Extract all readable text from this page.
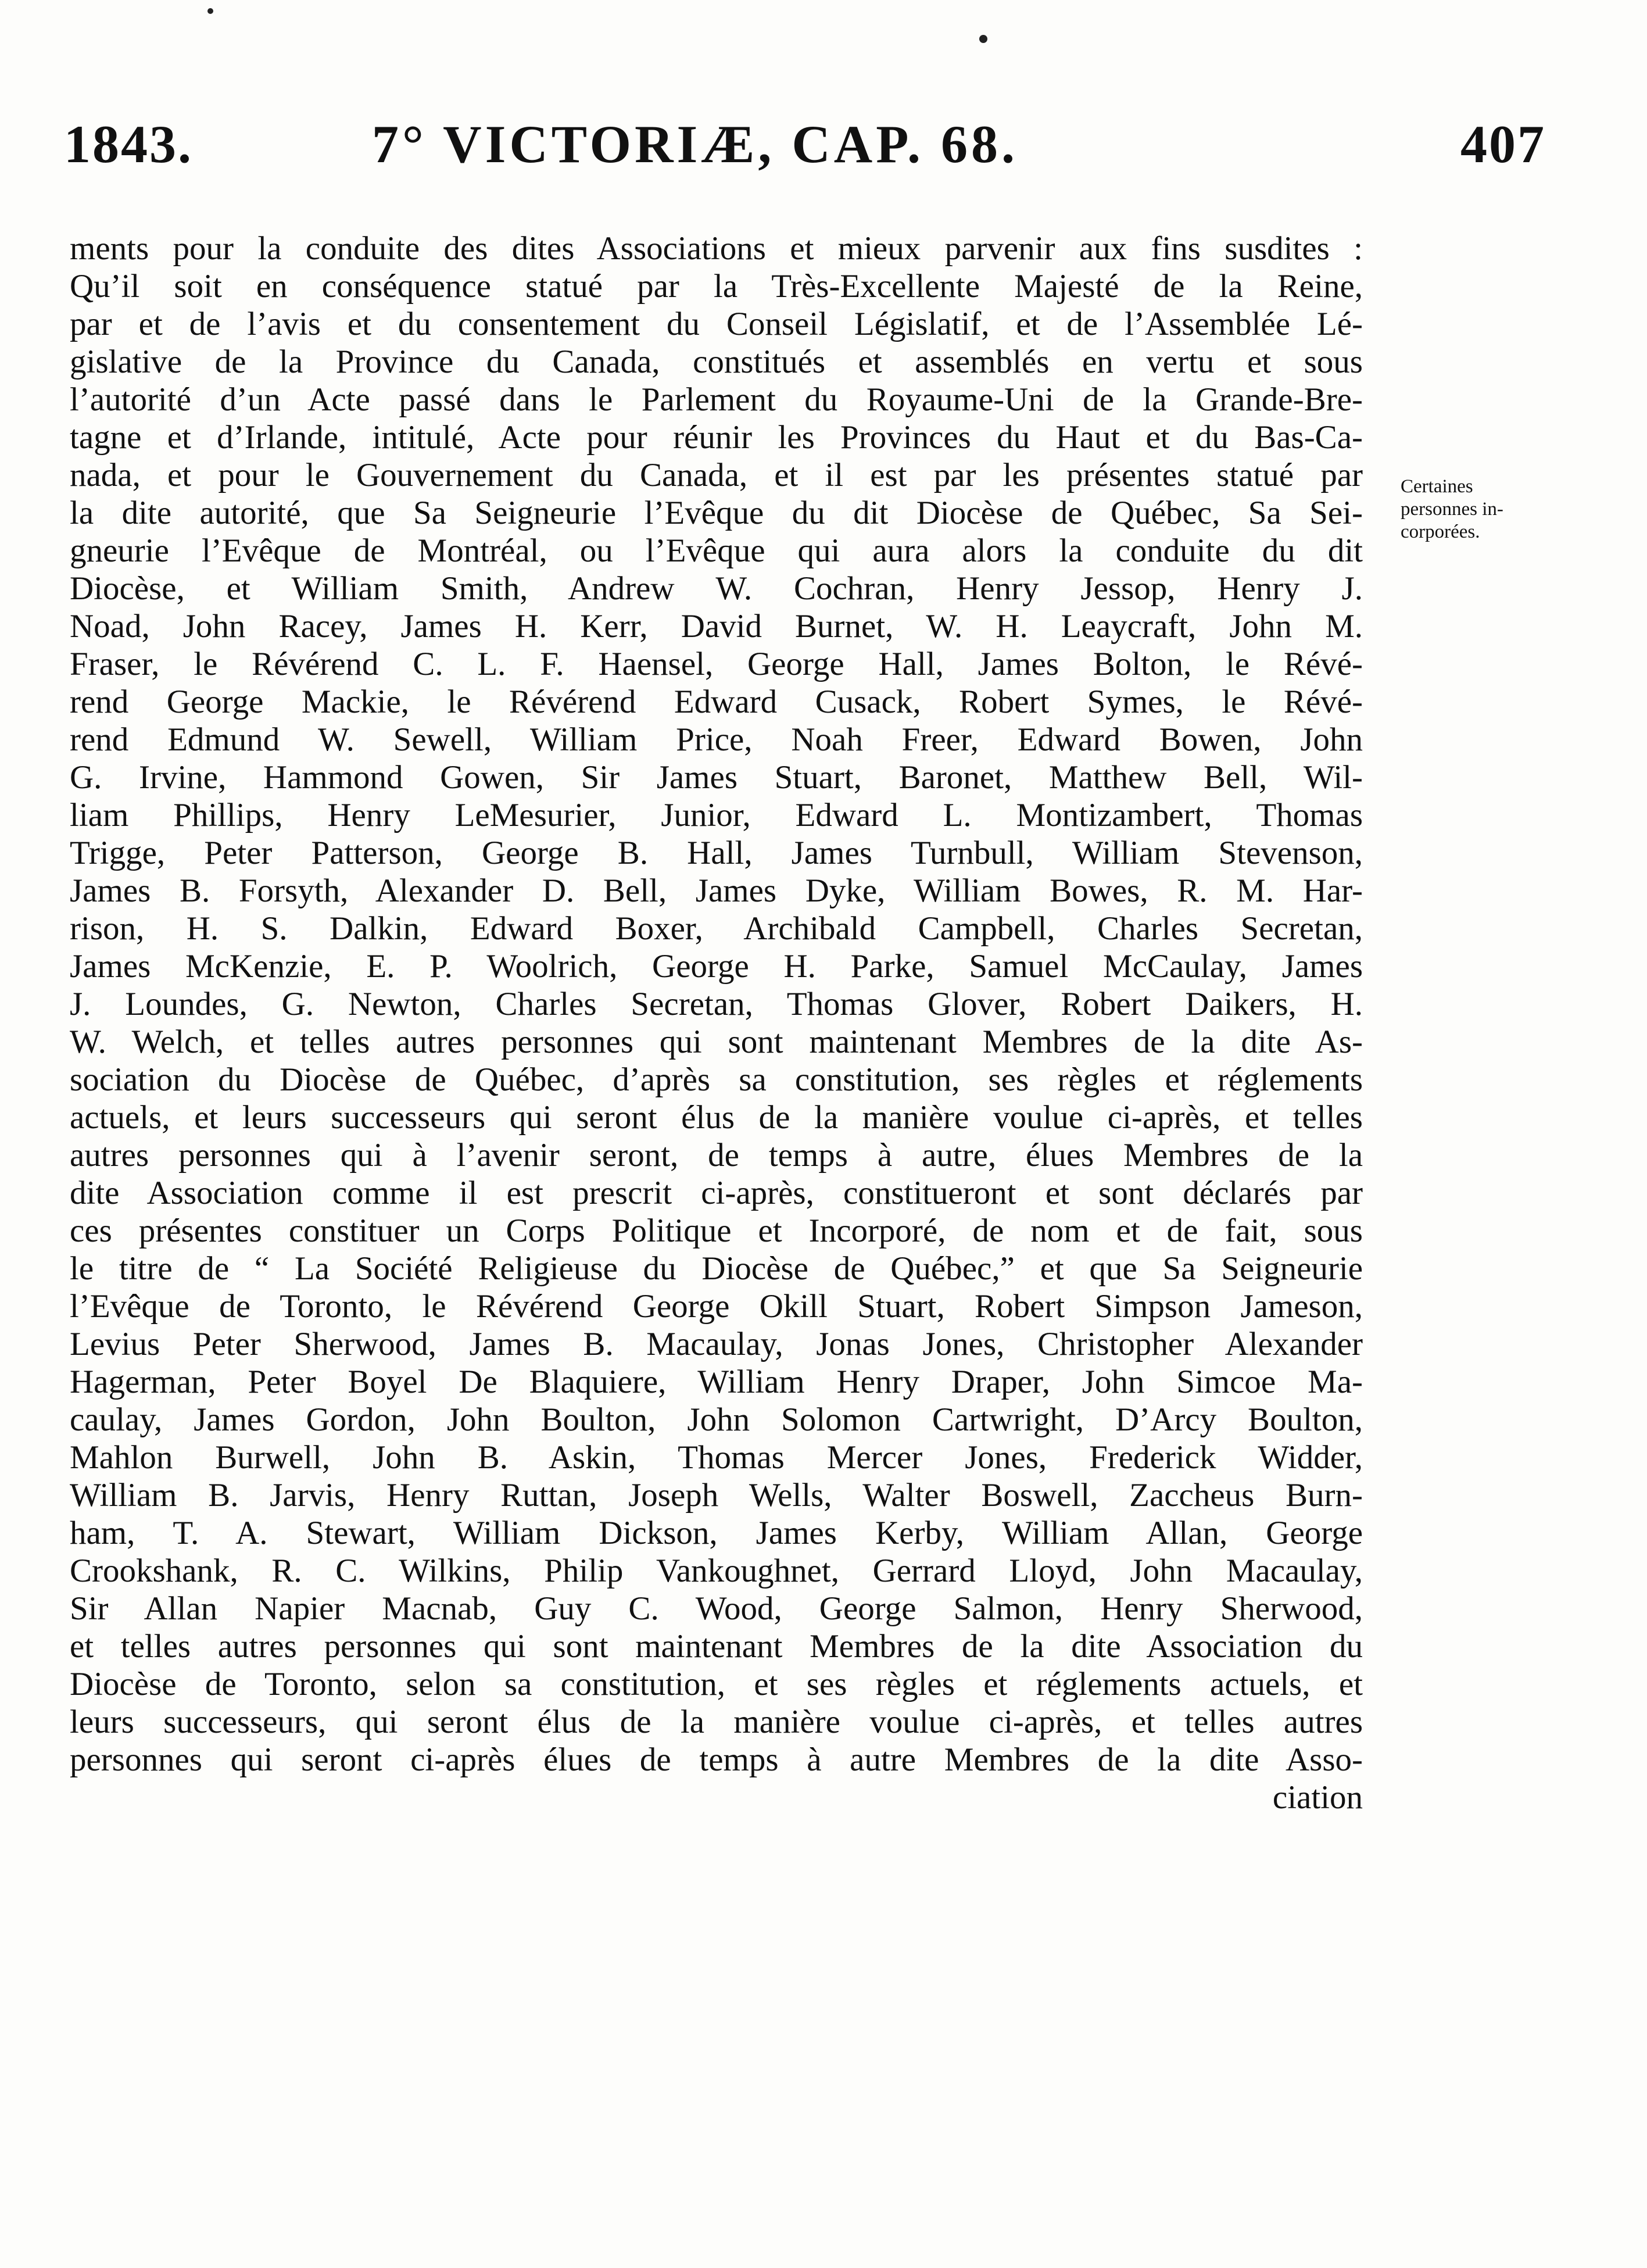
1843.	7° VICTORIÆ, CAP. 68.	407
ments pour la conduite des dites Associations et mieux parvenir aux fins susdites :
Qu’il soit en conséquence statué par la Très-Excellente Majesté de la Reine,
par et de l’avis et du consentement du Conseil Législatif, et de l’Assemblée Lé-
gislative de la Province du Canada, constitués et assemblés en vertu et sous
l’autorité d’un Acte passé dans le Parlement du Royaume-Uni de la Grande-Bre-
tagne et d’Irlande, intitulé, Acte pour réunir les Provinces du Haut et du Bas-Ca-
nada, et pour le Gouvernement du Canada, et il est par les présentes statué par
la dite autorité, que Sa Seigneurie l’Evêque du dit Diocèse de Québec, Sa Sei-
gneurie l’Evêque de Montréal, ou l’Evêque qui aura alors la conduite du dit
Diocèse, et William Smith, Andrew W. Cochran, Henry Jessop, Henry J.
Noad, John Racey, James H. Kerr, David Burnet, W. H. Leaycraft, John M.
Fraser, le Révérend C. L. F. Haensel, George Hall, James Bolton, le Révé-
rend George Mackie, le Révérend Edward Cusack, Robert Symes, le Révé-
rend Edmund W. Sewell, William Price, Noah Freer, Edward Bowen, John
G. Irvine, Hammond Gowen, Sir James Stuart, Baronet, Matthew Bell, Wil-
liam Phillips, Henry LeMesurier, Junior, Edward L. Montizambert, Thomas
Trigge, Peter Patterson, George B. Hall, James Turnbull, William Stevenson,
James B. Forsyth, Alexander D. Bell, James Dyke, William Bowes, R. M. Har-
rison, H. S. Dalkin, Edward Boxer, Archibald Campbell, Charles Secretan,
James McKenzie, E. P. Woolrich, George H. Parke, Samuel McCaulay, James
J. Loundes, G. Newton, Charles Secretan, Thomas Glover, Robert Daikers, H.
W. Welch, et telles autres personnes qui sont maintenant Membres de la dite As-
sociation du Diocèse de Québec, d’après sa constitution, ses règles et réglements
actuels, et leurs successeurs qui seront élus de la manière voulue ci-après, et telles
autres personnes qui à l’avenir seront, de temps à autre, élues Membres de la
dite Association comme il est prescrit ci-après, constitueront et sont déclarés par
ces présentes constituer un Corps Politique et Incorporé, de nom et de fait, sous
le titre de “ La Société Religieuse du Diocèse de Québec,” et que Sa Seigneurie
l’Evêque de Toronto, le Révérend George Okill Stuart, Robert Simpson Jameson,
Levius Peter Sherwood, James B. Macaulay, Jonas Jones, Christopher Alexander
Hagerman, Peter Boyel De Blaquiere, William Henry Draper, John Simcoe Ma-
caulay, James Gordon, John Boulton, John Solomon Cartwright, D’Arcy Boulton,
Mahlon Burwell, John B. Askin, Thomas Mercer Jones, Frederick Widder,
William B. Jarvis, Henry Ruttan, Joseph Wells, Walter Boswell, Zaccheus Burn-
ham, T. A. Stewart, William Dickson, James Kerby, William Allan, George
Crookshank, R. C. Wilkins, Philip Vankoughnet, Gerrard Lloyd, John Macaulay,
Sir Allan Napier Macnab, Guy C. Wood, George Salmon, Henry Sherwood,
et telles autres personnes qui sont maintenant Membres de la dite Association du
Diocèse de Toronto, selon sa constitution, et ses règles et réglements actuels, et
leurs successeurs, qui seront élus de la manière voulue ci-après, et telles autres
personnes qui seront ci-après élues de temps à autre Membres de la dite Asso-
ciation
Certaines
personnes in-
corporées.
